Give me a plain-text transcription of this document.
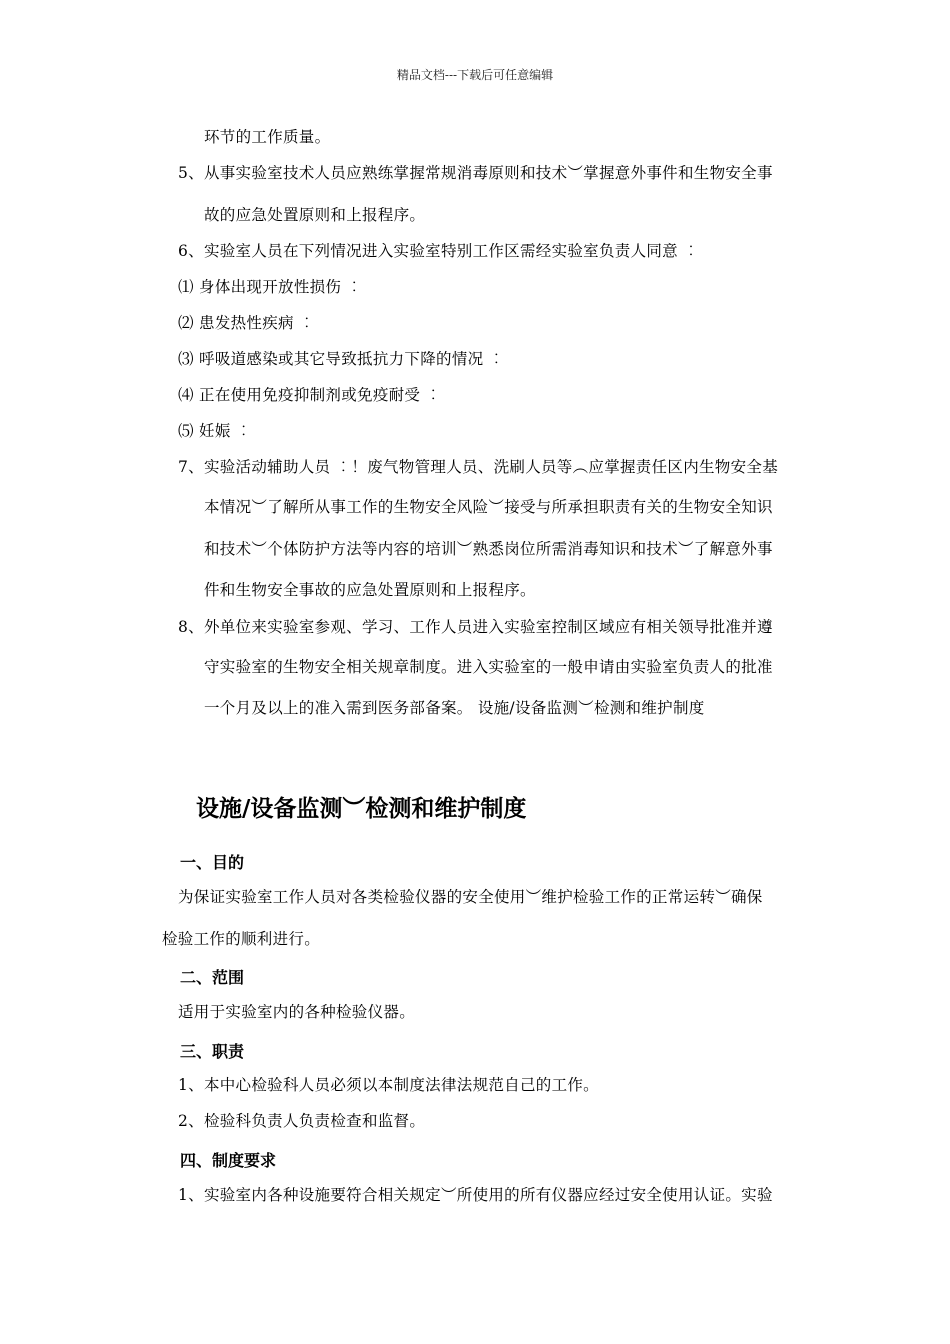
精品文档---下载后可任意编辑
环节的工作质量。
5、从事实验室技术人员应熟练掌握常规消毒原则和技术︶掌握意外事件和生物安全事
故的应急处置原则和上报程序。
6、实验室人员在下列情况进入实验室特别工作区需经实验室负责人同意 ︰
⑴ 身体出现开放性损伤 ︰
⑵ 患发热性疾病 ︰
⑶ 呼吸道感染或其它导致抵抗力下降的情况 ︰
⑷ 正在使用免疫抑制剂或免疫耐受 ︰
⑸ 妊娠 ︰
7、实验活动辅助人员 ︰！废气物管理人员、洗刷人员等︵应掌握责任区内生物安全基
本情况︶了解所从事工作的生物安全风险︶接受与所承担职责有关的生物安全知识
和技术︶个体防护方法等内容的培训︶熟悉岗位所需消毒知识和技术︶了解意外事
件和生物安全事故的应急处置原则和上报程序。
8、外单位来实验室参观、学习、工作人员进入实验室控制区域应有相关领导批准并遵
守实验室的生物安全相关规章制度。进入实验室的一般申请由实验室负责人的批准
一个月及以上的准入需到医务部备案。 设施/设备监测︶检测和维护制度
设施/设备监测︶检测和维护制度
一、目的
为保证实验室工作人员对各类检验仪器的安全使用︶维护检验工作的正常运转︶确保
检验工作的顺利进行。
二、范围
适用于实验室内的各种检验仪器。
三、职责
1、本中心检验科人员必须以本制度法律法规范自己的工作。
2、检验科负责人负责检查和监督。
四、制度要求
1、实验室内各种设施要符合相关规定︶所使用的所有仪器应经过安全使用认证。实验
